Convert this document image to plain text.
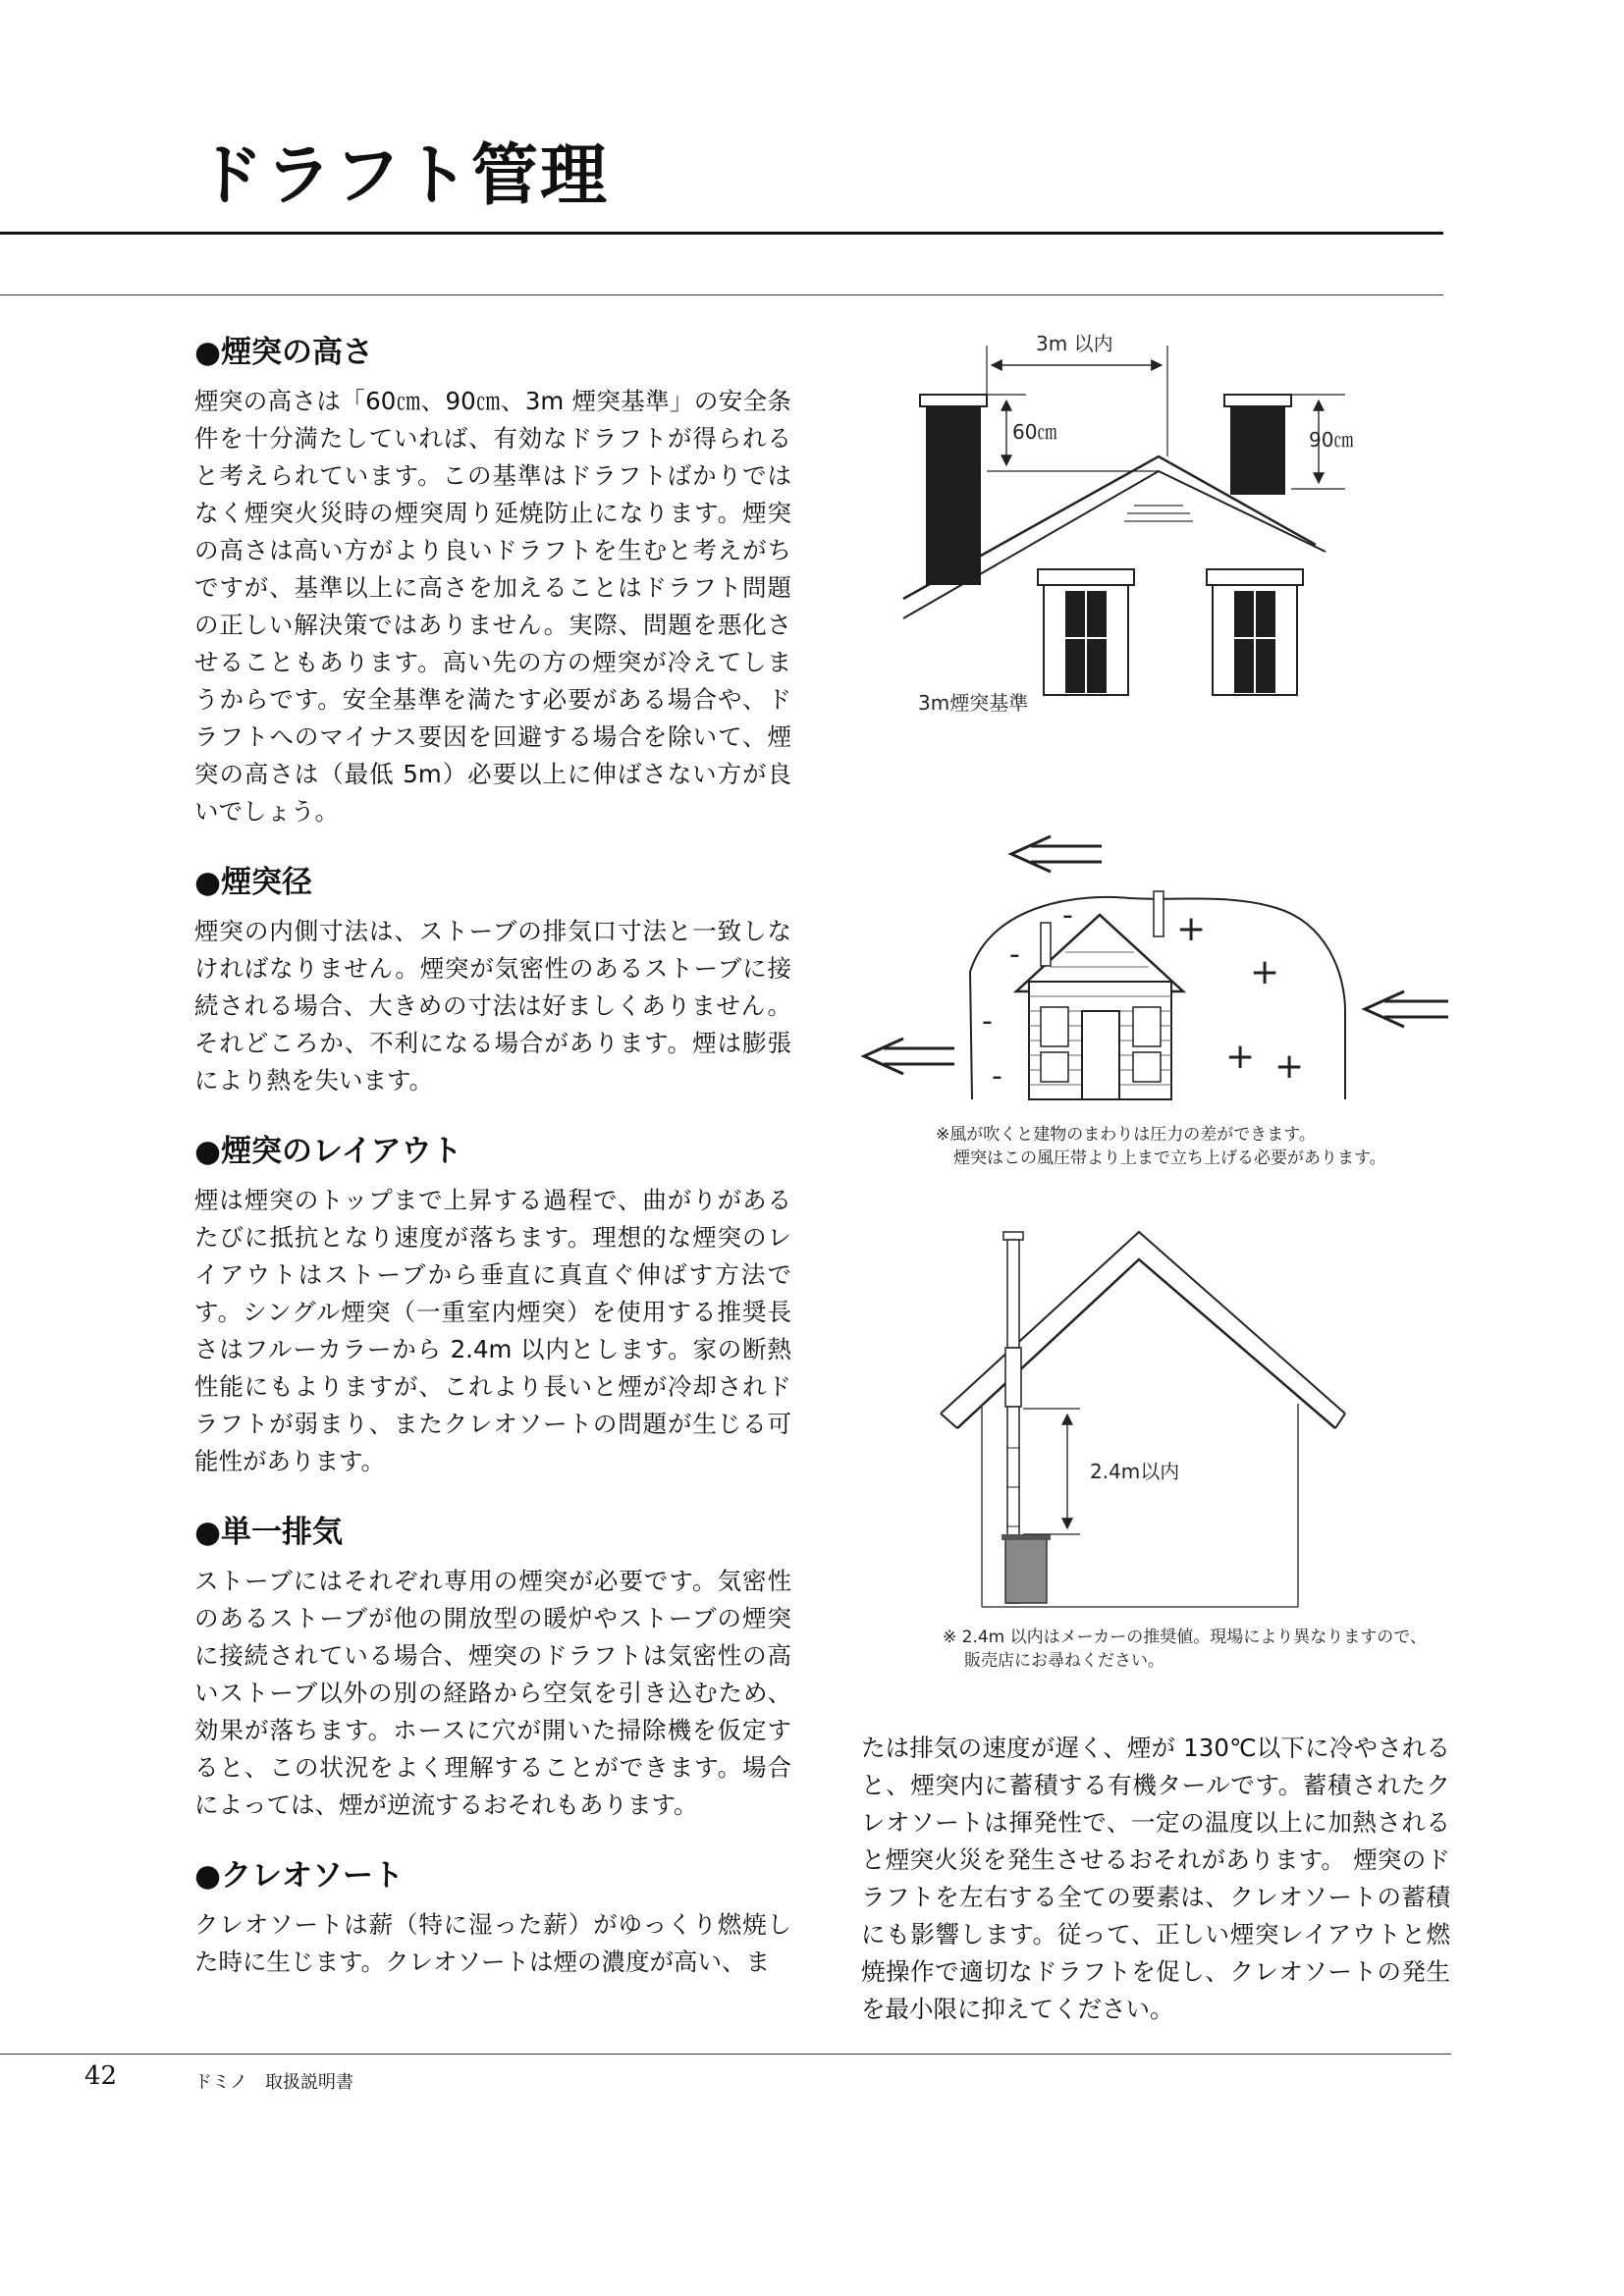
ドラフト管理
●煙突の高さ

煙突の高さは「60㎝、90㎝、3m 煙突基準」の安全条件を十分満たしていれば、有効なドラフトが得られると考えられています。この基準はドラフトばかりではなく煙突火災時の煙突周り延焼防止になります。煙突の高さは高い方がより良いドラフトを生むと考えがちですが、基準以上に高さを加えることはドラフト問題の正しい解決策ではありません。実際、問題を悪化させることもあります。高い先の方の煙突が冷えてしまうからです。安全基準を満たす必要がある場合や、ドラフトへのマイナス要因を回避する場合を除いて、煙突の高さは（最低 5m）必要以上に伸ばさない方が良いでしょう。

●煙突径

煙突の内側寸法は、ストーブの排気口寸法と一致しなければなりません。煙突が気密性のあるストーブに接続される場合、大きめの寸法は好ましくありません。それどころか、不利になる場合があります。煙は膨張により熱を失います。

●煙突のレイアウト

煙は煙突のトップまで上昇する過程で、曲がりがあるたびに抵抗となり速度が落ちます。理想的な煙突のレイアウトはストーブから垂直に真直ぐ伸ばす方法です。シングル煙突（一重室内煙突）を使用する推奨長さはフルーカラーから 2.4m 以内とします。家の断熱性能にもよりますが、これより長いと煙が冷却されドラフトが弱まり、またクレオソートの問題が生じる可能性があります。

●単一排気

ストーブにはそれぞれ専用の煙突が必要です。気密性のあるストーブが他の開放型の暖炉やストーブの煙突に接続されている場合、煙突のドラフトは気密性の高いストーブ以外の別の経路から空気を引き込むため、効果が落ちます。ホースに穴が開いた掃除機を仮定すると、この状況をよく理解することができます。場合によっては、煙が逆流するおそれもあります。

●クレオソート

クレオソートは薪（特に湿った薪）がゆっくり燃焼した時に生じます。クレオソートは煙の濃度が高い、ま

3m 以内
60㎝	90㎝
3m煙突基準
-
-
-
-
+
+
+ +
※風が吹くと建物のまわりは圧力の差ができます。
煙突はこの風圧帯より上まで立ち上げる必要があります。
2.4m以内
※ 2.4m 以内はメーカーの推奨値。現場により異なりますので、
販売店にお尋ねください。

たは排気の速度が遅く、煙が 130℃以下に冷やされると、煙突内に蓄積する有機タールです。蓄積されたクレオソートは揮発性で、一定の温度以上に加熱されると煙突火災を発生させるおそれがあります。 煙突のドラフトを左右する全ての要素は、クレオソートの蓄積にも影響します。従って、正しい煙突レイアウトと燃焼操作で適切なドラフトを促し、クレオソートの発生を最小限に抑えてください。

42	ドミノ　取扱説明書
